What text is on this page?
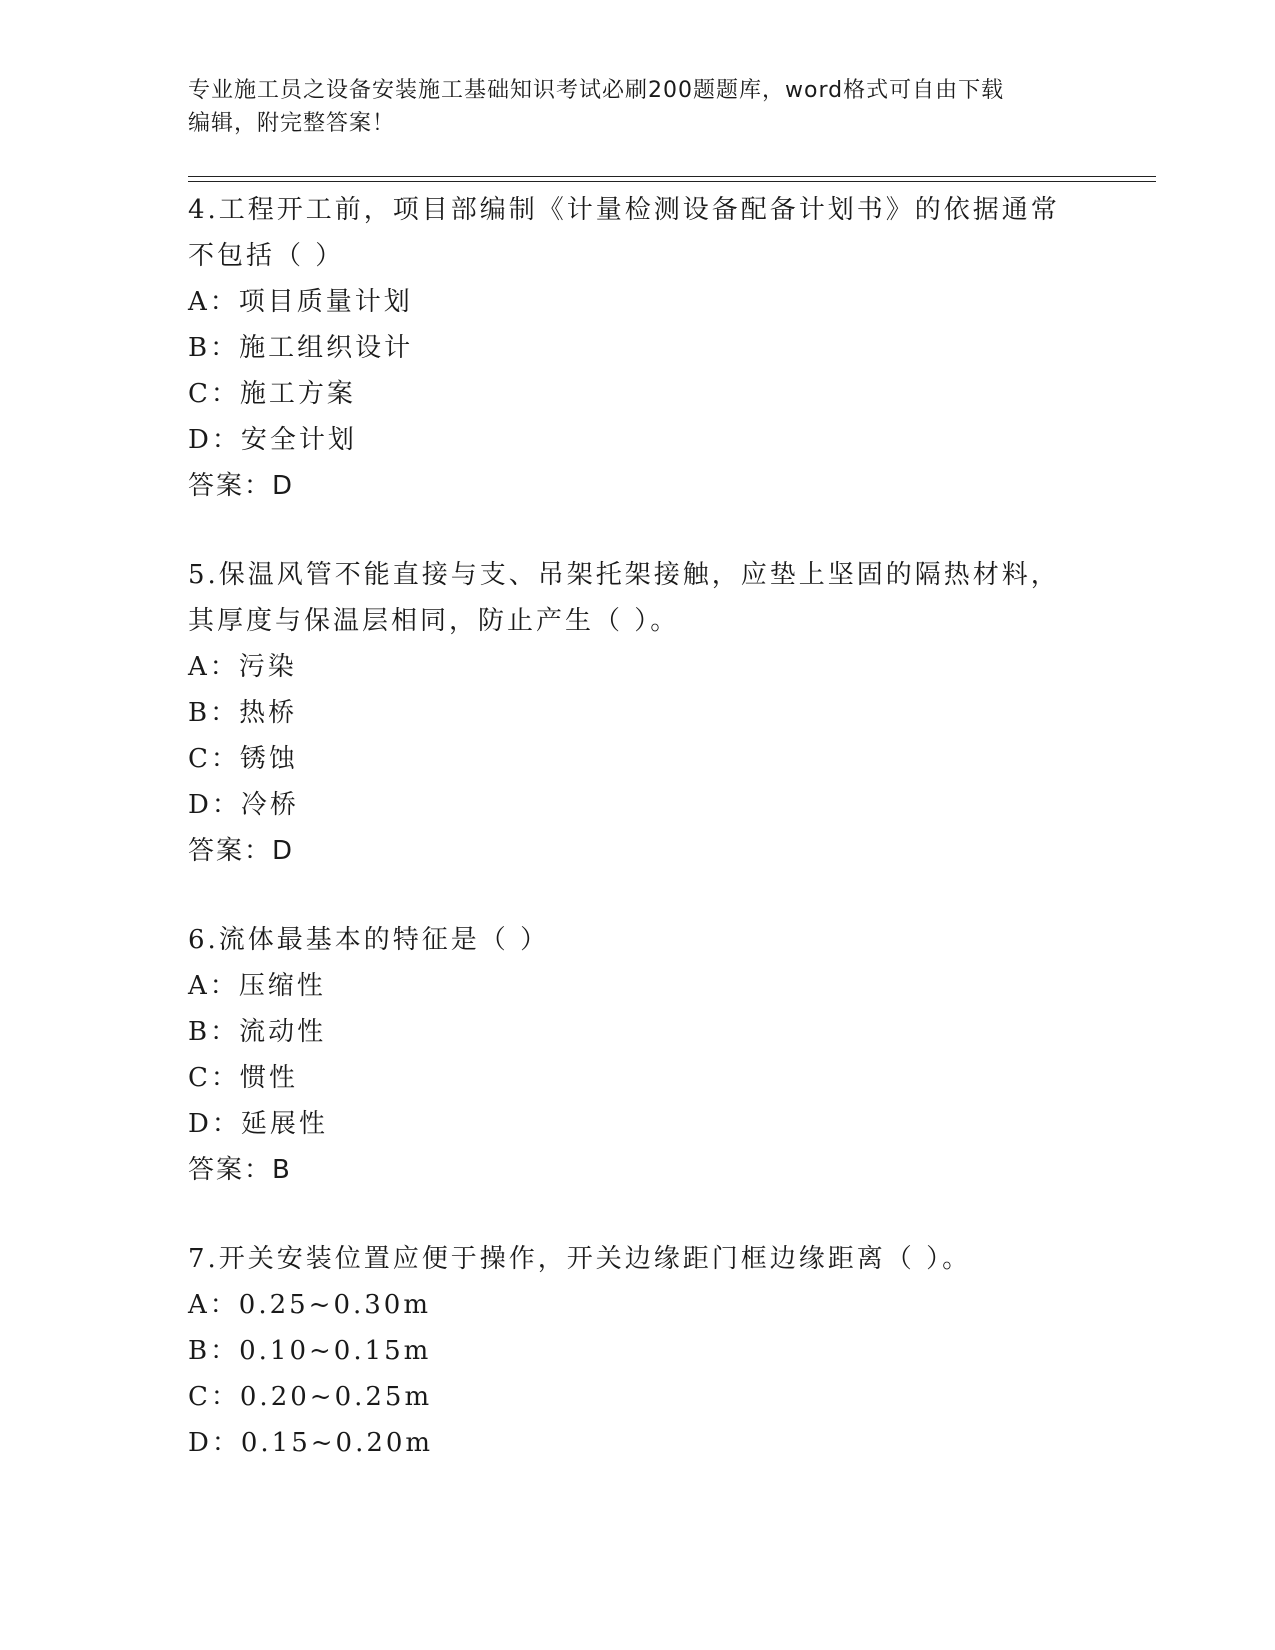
专业施工员之设备安装施工基础知识考试必刷200题题库，word格式可自由下载
编辑，附完整答案！
4.工程开工前，项目部编制《计量检测设备配备计划书》的依据通常
不包括（ ）
A：项目质量计划
B：施工组织设计
C：施工方案
D：安全计划
答案：D
5.保温风管不能直接与支、吊架托架接触，应垫上坚固的隔热材料，
其厚度与保温层相同，防止产生（ ）。
A：污染
B：热桥
C：锈蚀
D：冷桥
答案：D
6.流体最基本的特征是（ ）
A：压缩性
B：流动性
C：惯性
D：延展性
答案：B
7.开关安装位置应便于操作，开关边缘距门框边缘距离（ ）。
A：0.25~0.30m
B：0.10~0.15m
C：0.20~0.25m
D：0.15~0.20m
